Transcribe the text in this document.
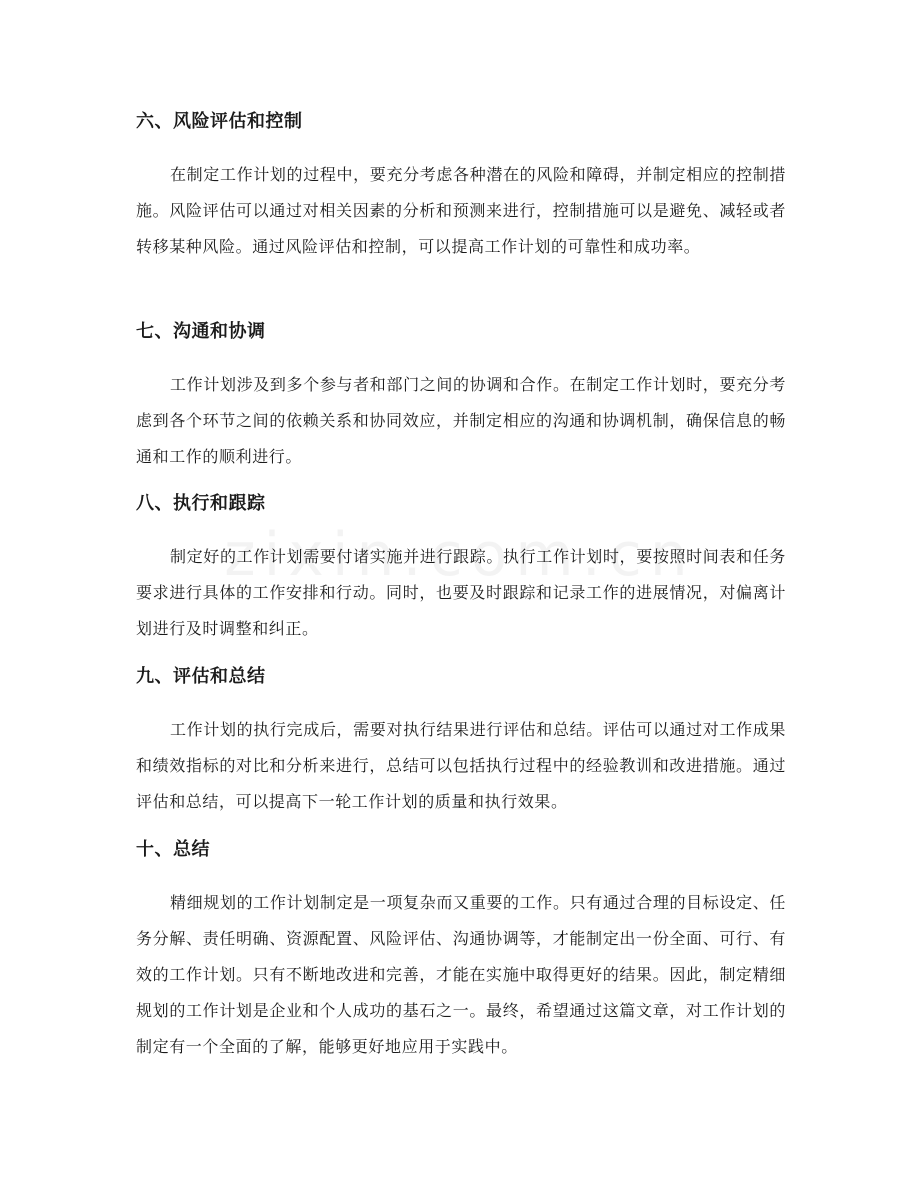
六、风险评估和控制

在制定工作计划的过程中，要充分考虑各种潜在的风险和障碍，并制定相应的控制措施。风险评估可以通过对相关因素的分析和预测来进行，控制措施可以是避免、减轻或者转移某种风险。通过风险评估和控制，可以提高工作计划的可靠性和成功率。

七、沟通和协调

工作计划涉及到多个参与者和部门之间的协调和合作。在制定工作计划时，要充分考虑到各个环节之间的依赖关系和协同效应，并制定相应的沟通和协调机制，确保信息的畅通和工作的顺利进行。

八、执行和跟踪

制定好的工作计划需要付诸实施并进行跟踪。执行工作计划时，要按照时间表和任务要求进行具体的工作安排和行动。同时，也要及时跟踪和记录工作的进展情况，对偏离计划进行及时调整和纠正。

九、评估和总结

工作计划的执行完成后，需要对执行结果进行评估和总结。评估可以通过对工作成果和绩效指标的对比和分析来进行，总结可以包括执行过程中的经验教训和改进措施。通过评估和总结，可以提高下一轮工作计划的质量和执行效果。

十、总结

精细规划的工作计划制定是一项复杂而又重要的工作。只有通过合理的目标设定、任务分解、责任明确、资源配置、风险评估、沟通协调等，才能制定出一份全面、可行、有效的工作计划。只有不断地改进和完善，才能在实施中取得更好的结果。因此，制定精细规划的工作计划是企业和个人成功的基石之一。最终，希望通过这篇文章，对工作计划的制定有一个全面的了解，能够更好地应用于实践中。
